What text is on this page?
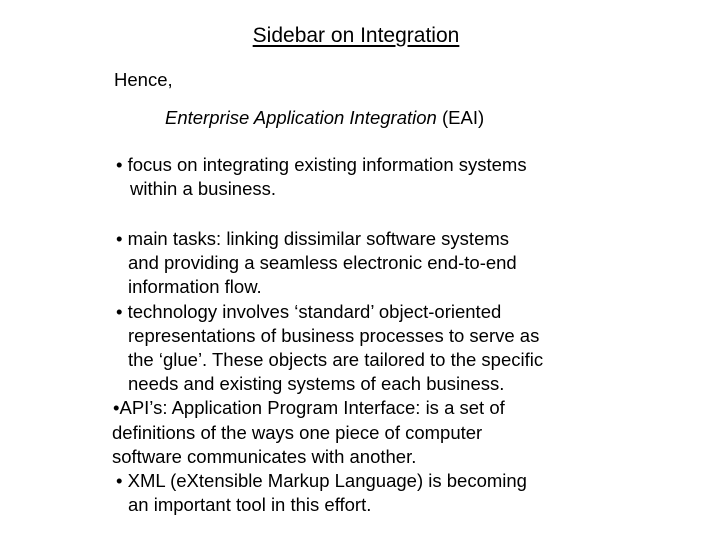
Sidebar on Integration
Hence,
Enterprise Application Integration (EAI)
• focus on integrating existing information systems
within a business.
• main tasks: linking dissimilar software systems
and providing a seamless electronic end-to-end
information flow.
• technology involves ‘standard’ object-oriented
representations of business processes to serve as
the ‘glue’. These objects are tailored to the specific
needs and existing systems of each business.
•API’s: Application Program Interface: is a set of
definitions of the ways one piece of computer
software communicates with another.
• XML (eXtensible Markup Language) is becoming
an important tool in this effort.
